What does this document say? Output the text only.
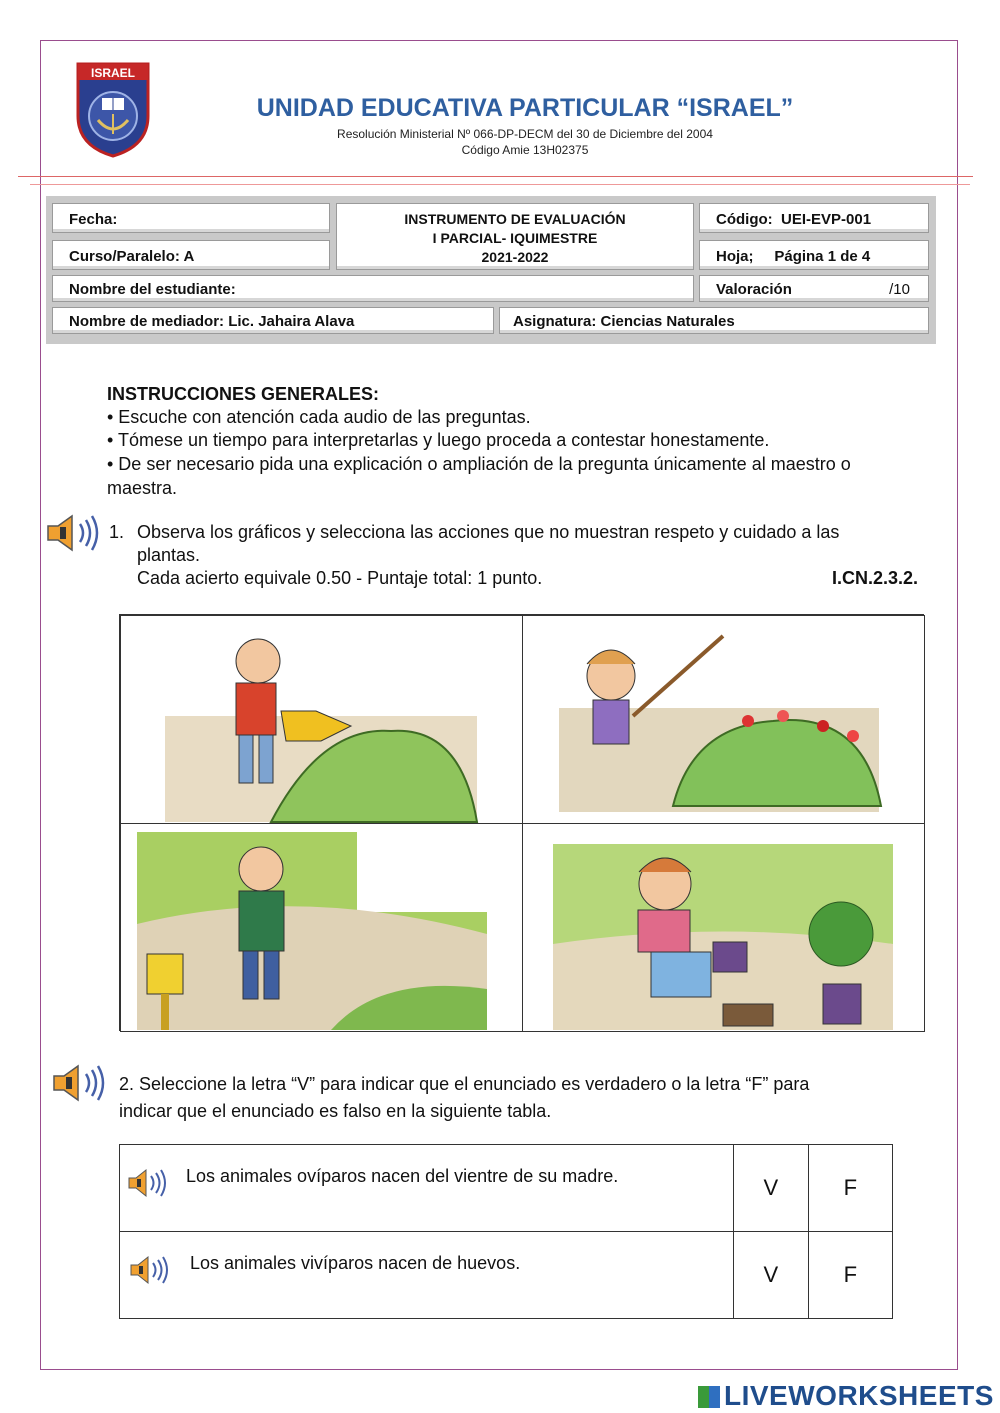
ISRAEL
UNIDAD EDUCATIVA PARTICULAR “ISRAEL”
Resolución Ministerial Nº 066-DP-DECM del 30 de Diciembre del 2004
Código Amie 13H02375
Fecha:
Curso/Paralelo: A
INSTRUMENTO DE EVALUACIÓN
I PARCIAL- IQUIMESTRE
2021-2022
Código: UEI-EVP-001
Hoja; Página 1 de 4
Nombre del estudiante:	Valoración	/10
Nombre de mediador: Lic. Jahaira Alava	Asignatura: Ciencias Naturales
INSTRUCCIONES GENERALES:
• Escuche con atención cada audio de las preguntas.
• Tómese un tiempo para interpretarlas y luego proceda a contestar honestamente.
• De ser necesario pida una explicación o ampliación de la pregunta únicamente al maestro o
maestra.
1. Observa los gráficos y selecciona las acciones que no muestran respeto y cuidado a las
plantas.
Cada acierto equivale 0.50 - Puntaje total: 1 punto.	I.CN.2.3.2.
2. Seleccione la letra “V” para indicar que el enunciado es verdadero o la letra “F” para
indicar que el enunciado es falso en la siguiente tabla.
Los animales ovíparos nacen del vientre de su madre.	V	F

Los animales vivíparos nacen de huevos.	V	F
LIVEWORKSHEETS
